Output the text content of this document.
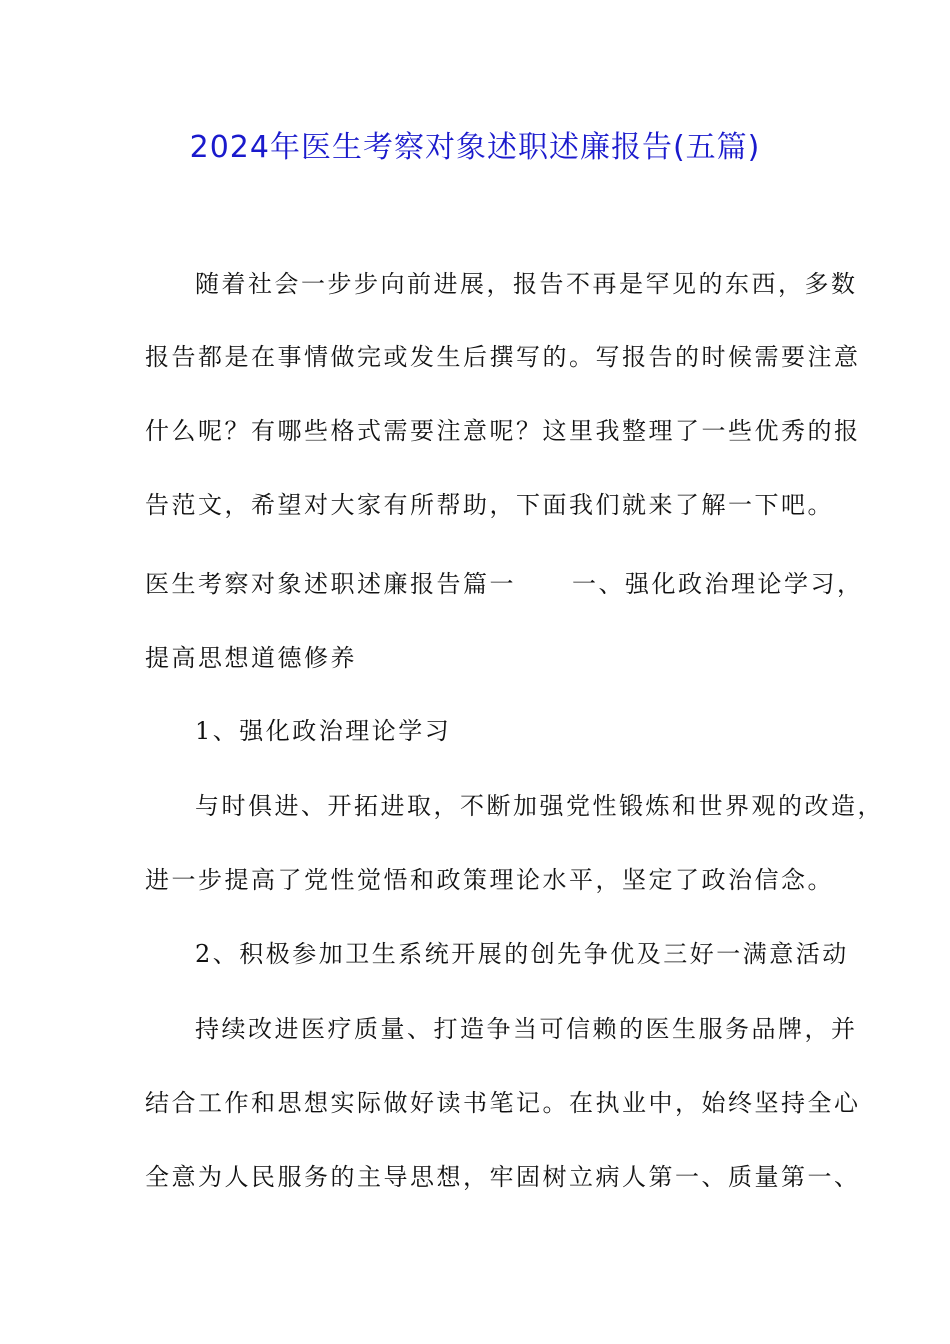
2024年医生考察对象述职述廉报告(五篇)
随着社会一步步向前进展，报告不再是罕见的东西，多数
报告都是在事情做完或发生后撰写的。写报告的时候需要注意
什么呢？有哪些格式需要注意呢？这里我整理了一些优秀的报
告范文，希望对大家有所帮助，下面我们就来了解一下吧。
医生考察对象述职述廉报告篇一 一、强化政治理论学习，
提高思想道德修养
1、强化政治理论学习
与时俱进、开拓进取，不断加强党性锻炼和世界观的改造，
进一步提高了党性觉悟和政策理论水平，坚定了政治信念。
2、积极参加卫生系统开展的创先争优及三好一满意活动
持续改进医疗质量、打造争当可信赖的医生服务品牌，并
结合工作和思想实际做好读书笔记。在执业中，始终坚持全心
全意为人民服务的主导思想，牢固树立病人第一、质量第一、
